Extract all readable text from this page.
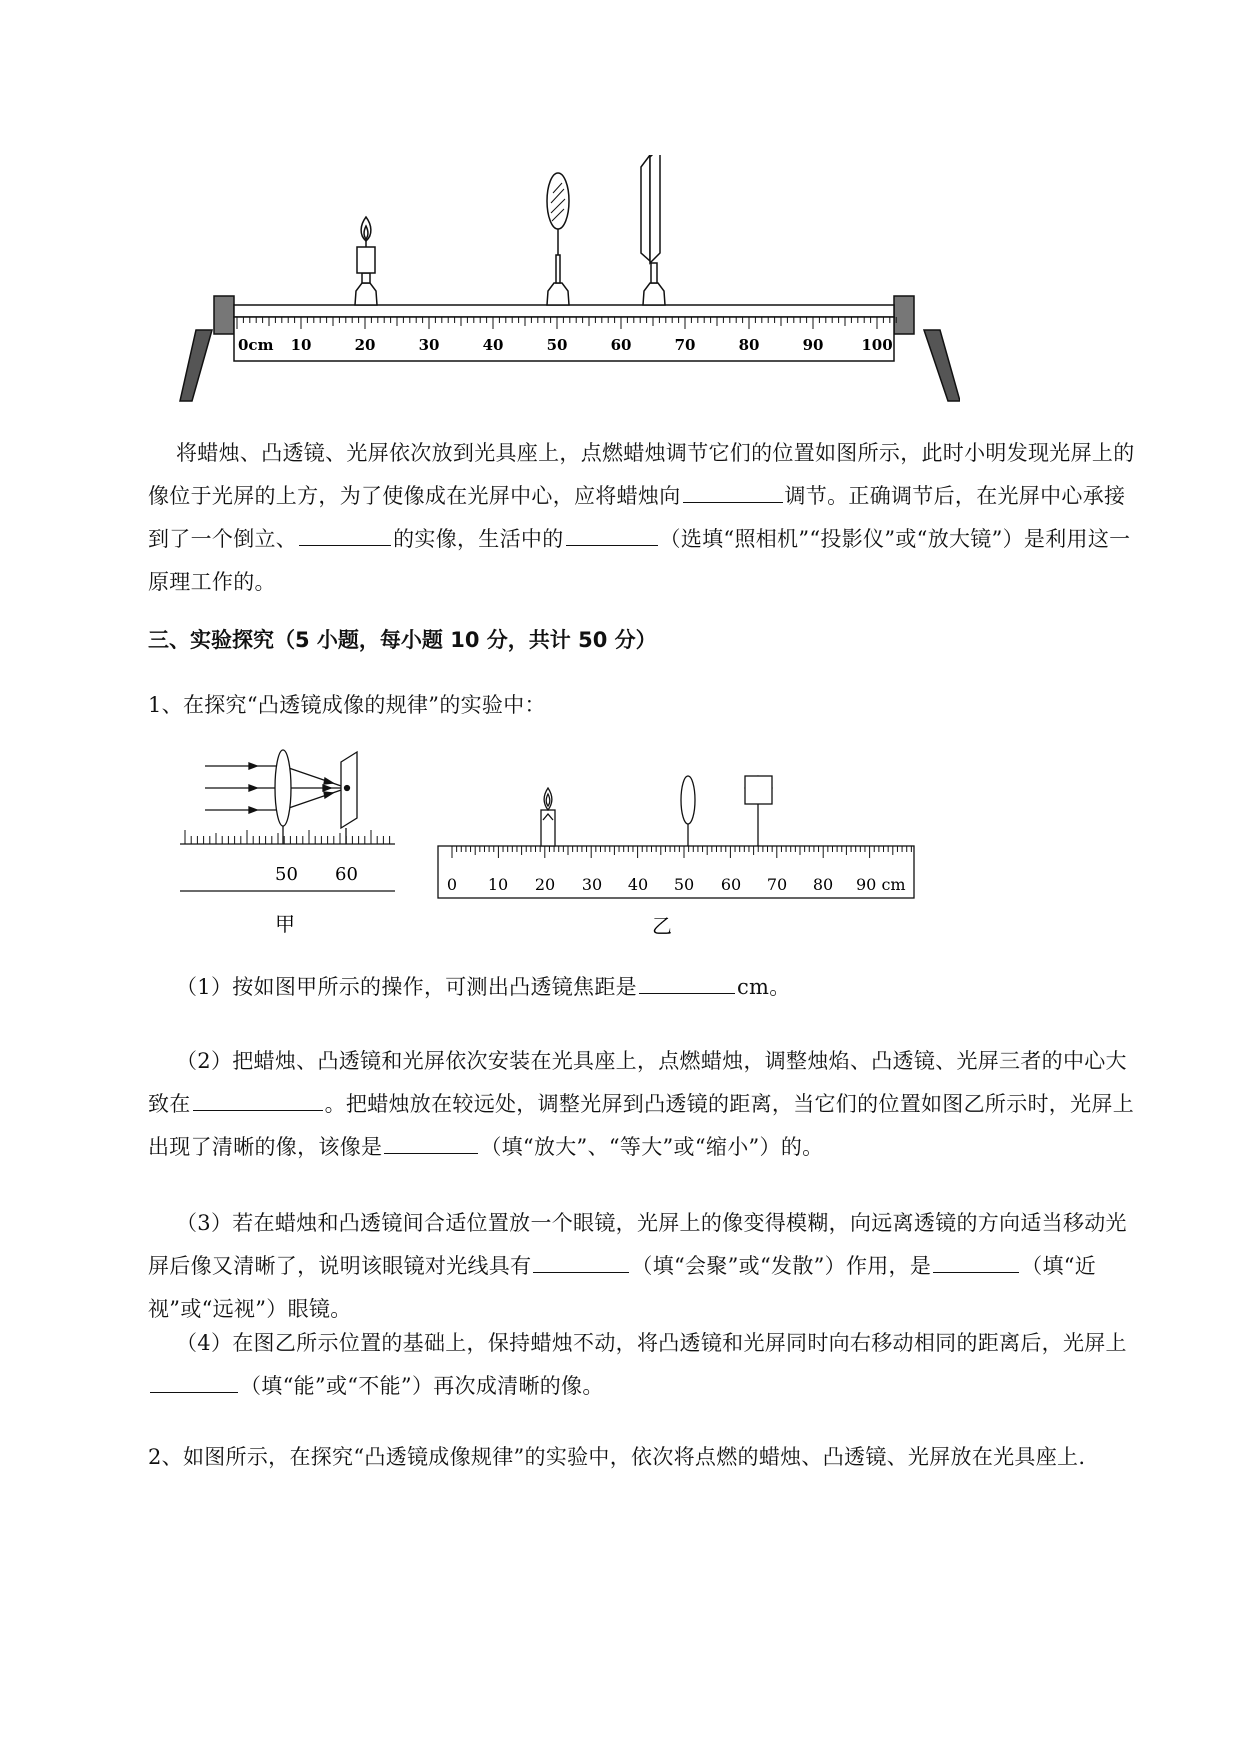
0cm 10	20	30	40	50	60	70	80	90	100
将蜡烛、凸透镜、光屏依次放到光具座上，点燃蜡烛调节它们的位置如图所示，此时小明发现光屏上的像位于光屏的上方，为了使像成在光屏中心，应将蜡烛向	调节。正确调节后，在光屏中心承接到了一个倒立、	的实像，生活中的	（选填“照相机”“投影仪”或“放大镜”）是利用这一原理工作的。
三、实验探究（5 小题，每小题 10 分，共计 50 分）
1、在探究“凸透镜成像的规律”的实验中：
50 60
甲
0 10 20 30 40 50 60 70 80 90 cm
乙
（1）按如图甲所示的操作，可测出凸透镜焦距是	cm。
（2）把蜡烛、凸透镜和光屏依次安装在光具座上，点燃蜡烛，调整烛焰、凸透镜、光屏三者的中心大致在	。把蜡烛放在较远处，调整光屏到凸透镜的距离，当它们的位置如图乙所示时，光屏上出现了清晰的像，该像是	（填“放大”、“等大”或“缩小”）的。
（3）若在蜡烛和凸透镜间合适位置放一个眼镜，光屏上的像变得模糊，向远离透镜的方向适当移动光屏后像又清晰了，说明该眼镜对光线具有	（填“会聚”或“发散”）作用，是	（填“近视”或“远视”）眼镜。
（4）在图乙所示位置的基础上，保持蜡烛不动，将凸透镜和光屏同时向右移动相同的距离后，光屏上（填“能”或“不能”）再次成清晰的像。
2、如图所示，在探究“凸透镜成像规律”的实验中，依次将点燃的蜡烛、凸透镜、光屏放在光具座上.
